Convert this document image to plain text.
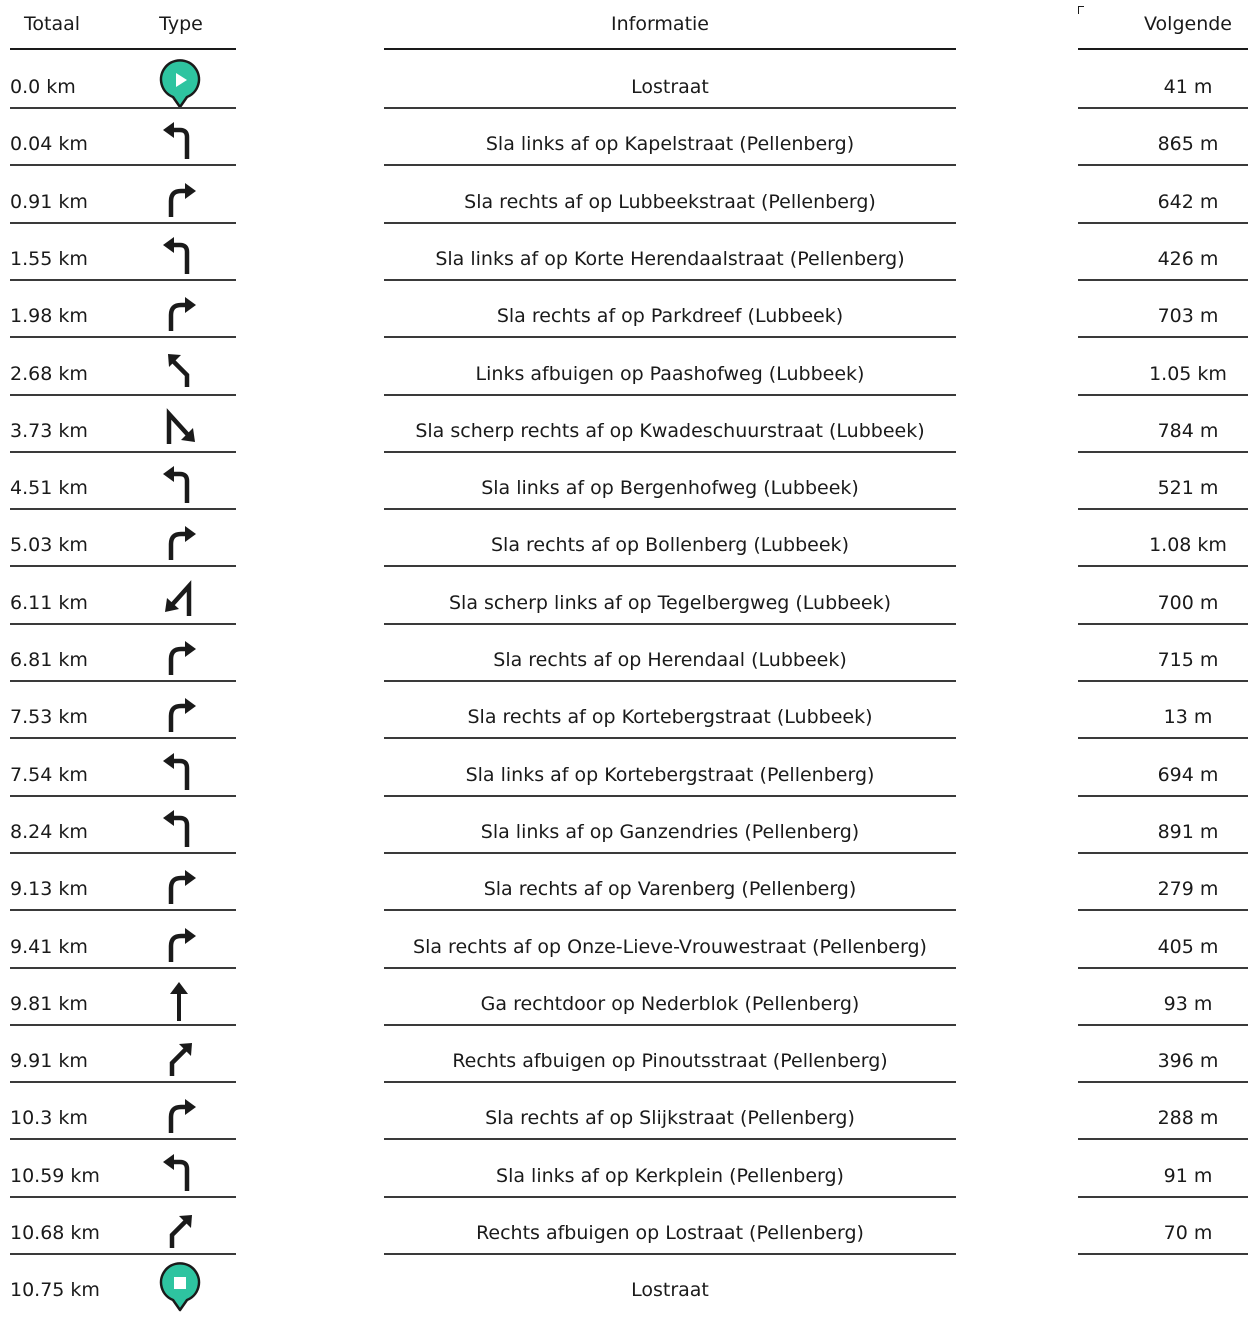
Totaal	Type	Informatie	Volgende
0.0 km	Lostraat	41 m
0.04 km	Sla links af op Kapelstraat (Pellenberg)	865 m
0.91 km	Sla rechts af op Lubbeekstraat (Pellenberg)	642 m
1.55 km	Sla links af op Korte Herendaalstraat (Pellenberg)	426 m
1.98 km	Sla rechts af op Parkdreef (Lubbeek)	703 m
2.68 km	Links afbuigen op Paashofweg (Lubbeek)	1.05 km
3.73 km	Sla scherp rechts af op Kwadeschuurstraat (Lubbeek)	784 m
4.51 km	Sla links af op Bergenhofweg (Lubbeek)	521 m
5.03 km	Sla rechts af op Bollenberg (Lubbeek)	1.08 km
6.11 km	Sla scherp links af op Tegelbergweg (Lubbeek)	700 m
6.81 km	Sla rechts af op Herendaal (Lubbeek)	715 m
7.53 km	Sla rechts af op Kortebergstraat (Lubbeek)	13 m
7.54 km	Sla links af op Kortebergstraat (Pellenberg)	694 m
8.24 km	Sla links af op Ganzendries (Pellenberg)	891 m
9.13 km	Sla rechts af op Varenberg (Pellenberg)	279 m
9.41 km	Sla rechts af op Onze-Lieve-Vrouwestraat (Pellenberg)	405 m
9.81 km	Ga rechtdoor op Nederblok (Pellenberg)	93 m
9.91 km	Rechts afbuigen op Pinoutsstraat (Pellenberg)	396 m
10.3 km	Sla rechts af op Slijkstraat (Pellenberg)	288 m
10.59 km	Sla links af op Kerkplein (Pellenberg)	91 m
10.68 km	Rechts afbuigen op Lostraat (Pellenberg)	70 m
10.75 km	Lostraat
